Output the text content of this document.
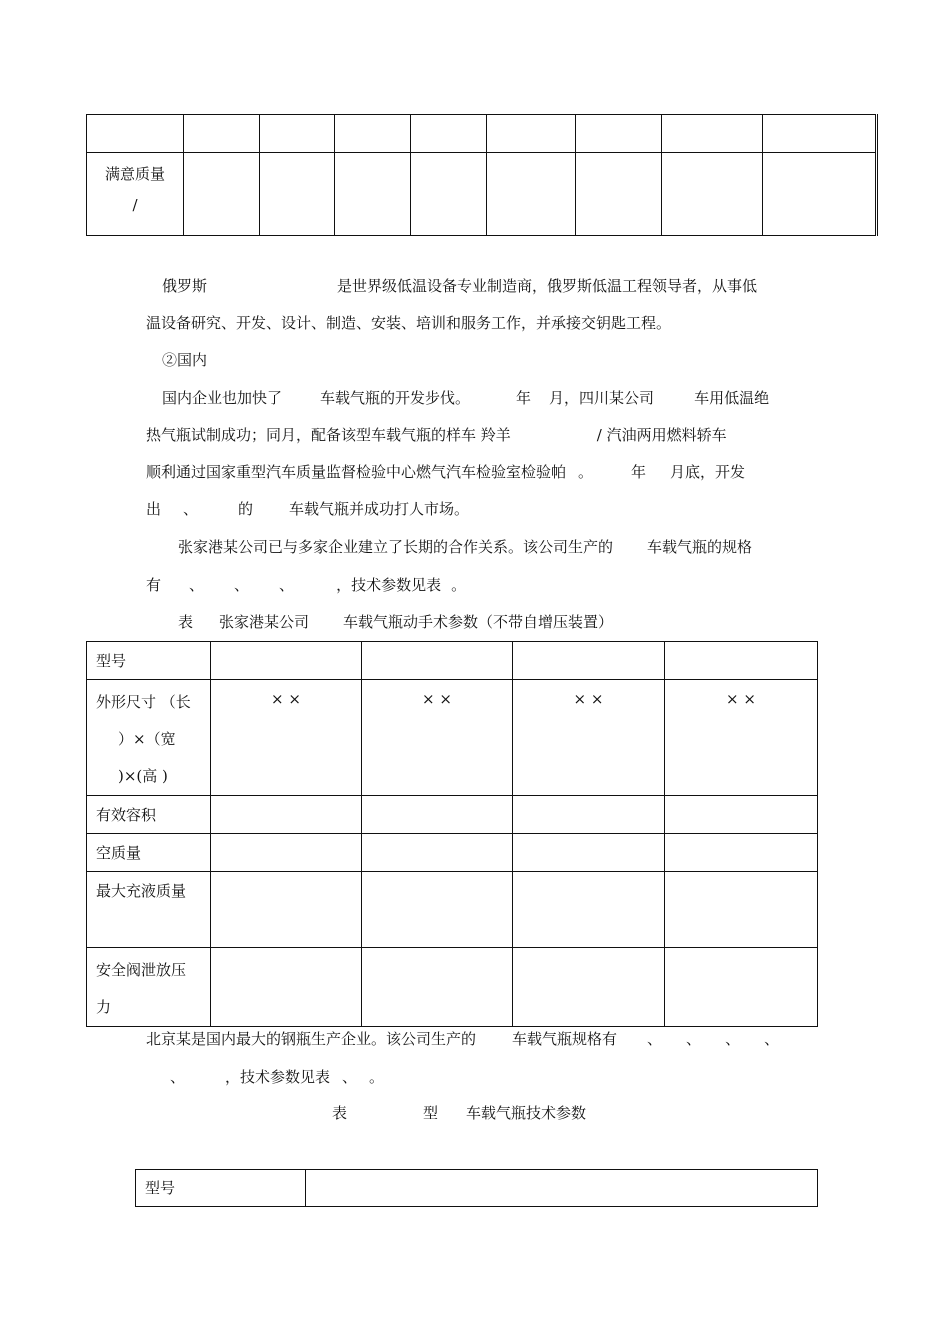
满意质量
/								

俄罗斯	是世界级低温设备专业制造商，俄罗斯低温工程领导者，从事低

温设备研究、开发、设计、制造、安装、培训和服务工作，并承接交钥匙工程。

②国内

国内企业也加快了	车载气瓶的开发步伐。	年 月，四川某公司	车用低温绝

热气瓶试制成功；同月，配备该型车载气瓶的样车 羚羊	/ 汽油两用燃料轿车

顺利通过国家重型汽车质量监督检验中心燃气汽车检验室检验帕 。	年 月底，开发

出 、	的 车载气瓶并成功打人市场。

张家港某公司已与多家企业建立了长期的合作关系。该公司生产的 车载气瓶的规格

有 、 、 、	，技术参数见表 。

表 张家港某公司 车载气瓶动手术参数（不带自增压装置）

型号				
外形尺寸 （长
）×（宽
)×(高 )	× ×	× ×	× ×	× ×
有效容积				
空质量				
最大充液质量				
安全阀泄放压
力				

北京某是国内最大的钢瓶生产企业。该公司生产的 车载气瓶规格有 、 、 、 、

、	，技术参数见表 、 。

表	型 车载气瓶技术参数

型号	
